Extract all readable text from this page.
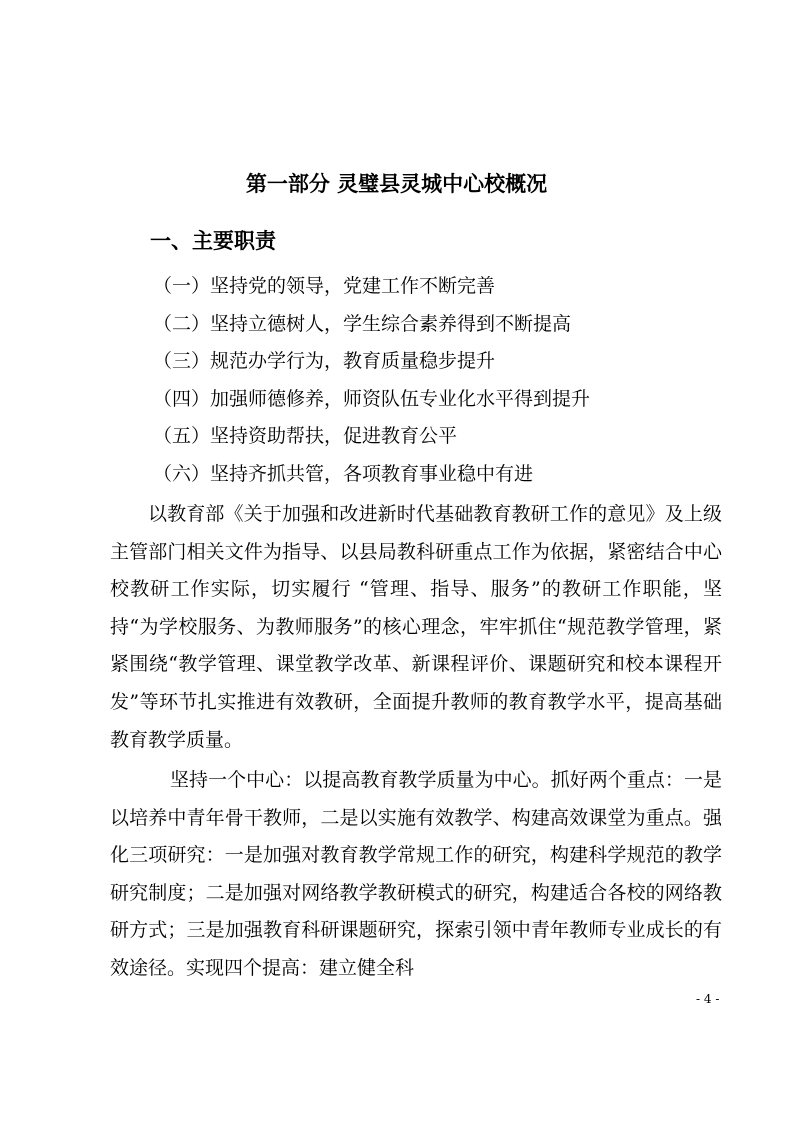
第一部分 灵璧县灵城中心校概况
一、主要职责
（一）坚持党的领导，党建工作不断完善
（二）坚持立德树人，学生综合素养得到不断提高
（三）规范办学行为，教育质量稳步提升
（四）加强师德修养，师资队伍专业化水平得到提升
（五）坚持资助帮扶，促进教育公平
（六）坚持齐抓共管，各项教育事业稳中有进

以教育部《关于加强和改进新时代基础教育教研工作的意见》及上级主管部门相关文件为指导、以县局教科研重点工作为依据，紧密结合中心校教研工作实际，切实履行 “管理、指导、服务”的教研工作职能，坚持“为学校服务、为教师服务”的核心理念，牢牢抓住“规范教学管理，紧紧围绕“教学管理、课堂教学改革、新课程评价、课题研究和校本课程开发”等环节扎实推进有效教研，全面提升教师的教育教学水平，提高基础教育教学质量。

坚持一个中心：以提高教育教学质量为中心。抓好两个重点：一是以培养中青年骨干教师，二是以实施有效教学、构建高效课堂为重点。强化三项研究：一是加强对教育教学常规工作的研究，构建科学规范的教学研究制度；二是加强对网络教学教研模式的研究，构建适合各校的网络教研方式；三是加强教育科研课题研究，探索引领中青年教师专业成长的有效途径。实现四个提高：建立健全科

- 4 -
